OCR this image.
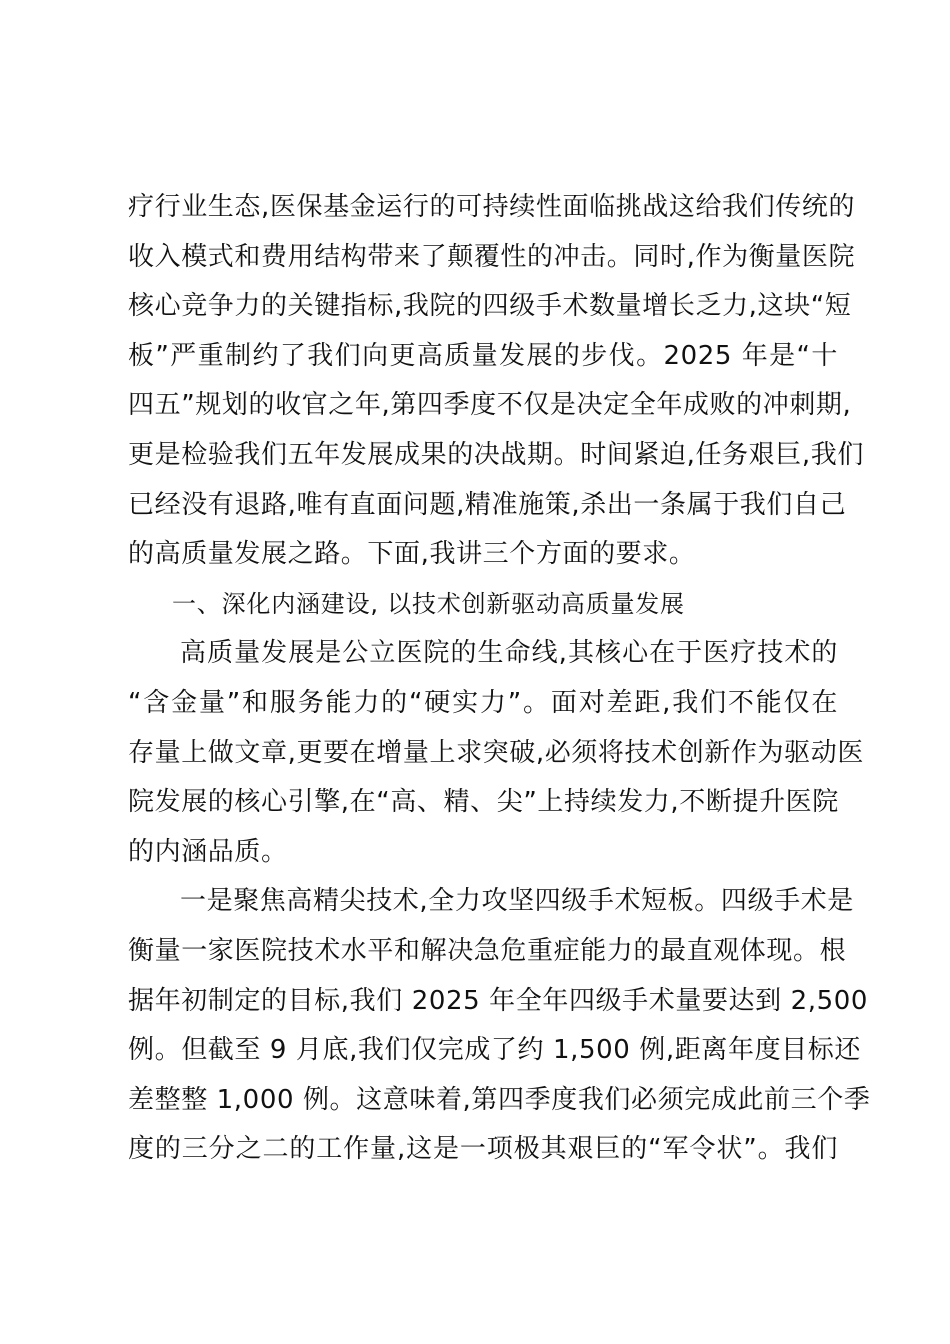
疗行业生态,医保基金运行的可持续性面临挑战这给我们传统的
收入模式和费用结构带来了颠覆性的冲击。同时,作为衡量医院
核心竞争力的关键指标,我院的四级手术数量增长乏力,这块“短
板”严重制约了我们向更高质量发展的步伐。2025 年是“十
四五”规划的收官之年,第四季度不仅是决定全年成败的冲刺期,
更是检验我们五年发展成果的决战期。时间紧迫,任务艰巨,我们
已经没有退路,唯有直面问题,精准施策,杀出一条属于我们自己
的高质量发展之路。下面,我讲三个方面的要求。
一、深化内涵建设, 以技术创新驱动高质量发展
高质量发展是公立医院的生命线,其核心在于医疗技术的
“含金量”和服务能力的“硬实力”。面对差距,我们不能仅在
存量上做文章,更要在增量上求突破,必须将技术创新作为驱动医
院发展的核心引擎,在“高、精、尖”上持续发力,不断提升医院
的内涵品质。
一是聚焦高精尖技术,全力攻坚四级手术短板。四级手术是
衡量一家医院技术水平和解决急危重症能力的最直观体现。根
据年初制定的目标,我们 2025 年全年四级手术量要达到 2,500
例。但截至 9 月底,我们仅完成了约 1,500 例,距离年度目标还
差整整 1,000 例。这意味着,第四季度我们必须完成此前三个季
度的三分之二的工作量,这是一项极其艰巨的“军令状”。我们
